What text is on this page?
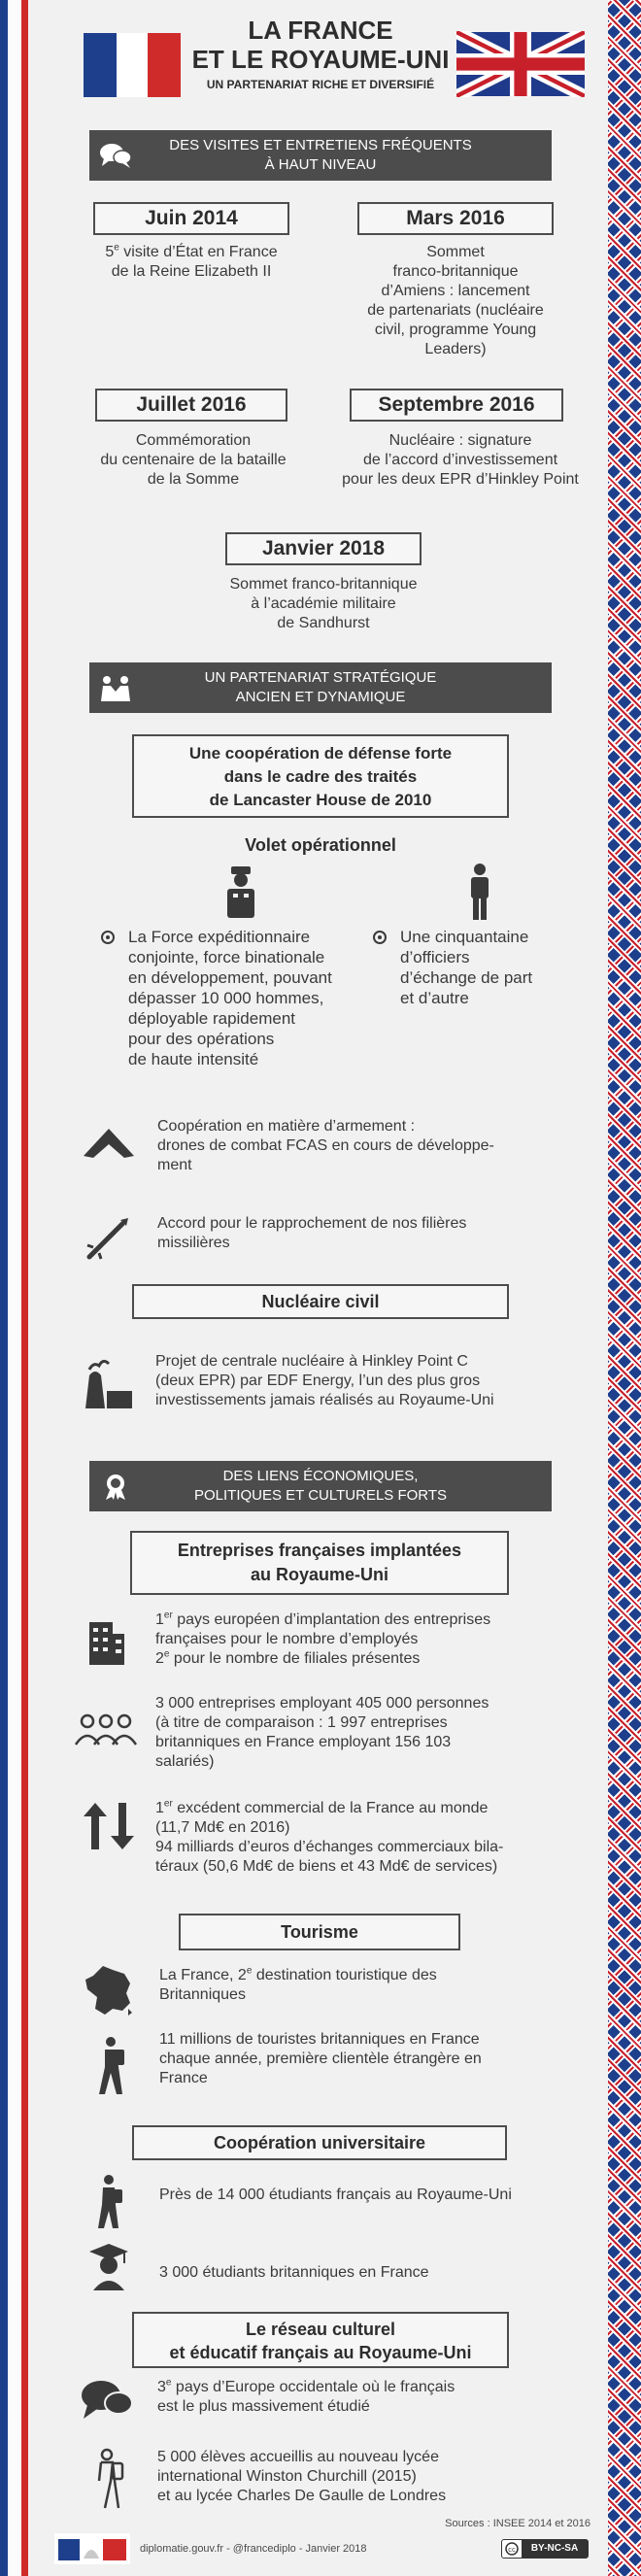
LA FRANCE
ET LE ROYAUME-UNI
UN PARTENARIAT RICHE ET DIVERSIFIÉ
DES VISITES ET ENTRETIENS FRÉQUENTS
À HAUT NIVEAU
Juin 2014
5e visite d’État en France
de la Reine Elizabeth II
Mars 2016
Sommet
franco-britannique
d’Amiens : lancement
de partenariats (nucléaire
civil, programme Young
Leaders)
Juillet 2016
Commémoration
du centenaire de la bataille
de la Somme
Septembre 2016
Nucléaire : signature
de l’accord d’investissement
pour les deux EPR d’Hinkley Point
Janvier 2018
Sommet franco-britannique
à l’académie militaire
de Sandhurst
UN PARTENARIAT STRATÉGIQUE
ANCIEN ET DYNAMIQUE
Une coopération de défense forte
dans le cadre des traités
de Lancaster House de 2010
Volet opérationnel
La Force expéditionnaire
conjointe, force binationale
en développement, pouvant
dépasser 10 000 hommes,
déployable rapidement
pour des opérations
de haute intensité
Une cinquantaine
d’officiers
d’échange de part
et d’autre
Coopération en matière d’armement :
drones de combat FCAS en cours de développe-
ment
Accord pour le rapprochement de nos filières
missilières
Nucléaire civil
Projet de centrale nucléaire à Hinkley Point C
(deux EPR) par EDF Energy, l’un des plus gros
investissements jamais réalisés au Royaume-Uni
DES LIENS ÉCONOMIQUES,
POLITIQUES ET CULTURELS FORTS
Entreprises françaises implantées
au Royaume-Uni
1er pays européen d’implantation des entreprises
françaises pour le nombre d’employés
2e pour le nombre de filiales présentes
3 000 entreprises employant 405 000 personnes
(à titre de comparaison : 1 997 entreprises
britanniques en France employant 156 103
salariés)
1er excédent commercial de la France au monde
(11,7 Md€ en 2016)
94 milliards d’euros d’échanges commerciaux bila-
téraux (50,6 Md€ de biens et 43 Md€ de services)
Tourisme
La France, 2e destination touristique des
Britanniques
11 millions de touristes britanniques en France
chaque année, première clientèle étrangère en
France
Coopération universitaire
Près de 14 000 étudiants français au Royaume-Uni
3 000 étudiants britanniques en France
Le réseau culturel
et éducatif français au Royaume-Uni
3e pays d’Europe occidentale où le français
est le plus massivement étudié
5 000 élèves accueillis au nouveau lycée
international Winston Churchill (2015)
et au lycée Charles De Gaulle de Londres
Sources : INSEE 2014 et 2016
diplomatie.gouv.fr - @francediplo - Janvier 2018	cc	BY-NC-SA
